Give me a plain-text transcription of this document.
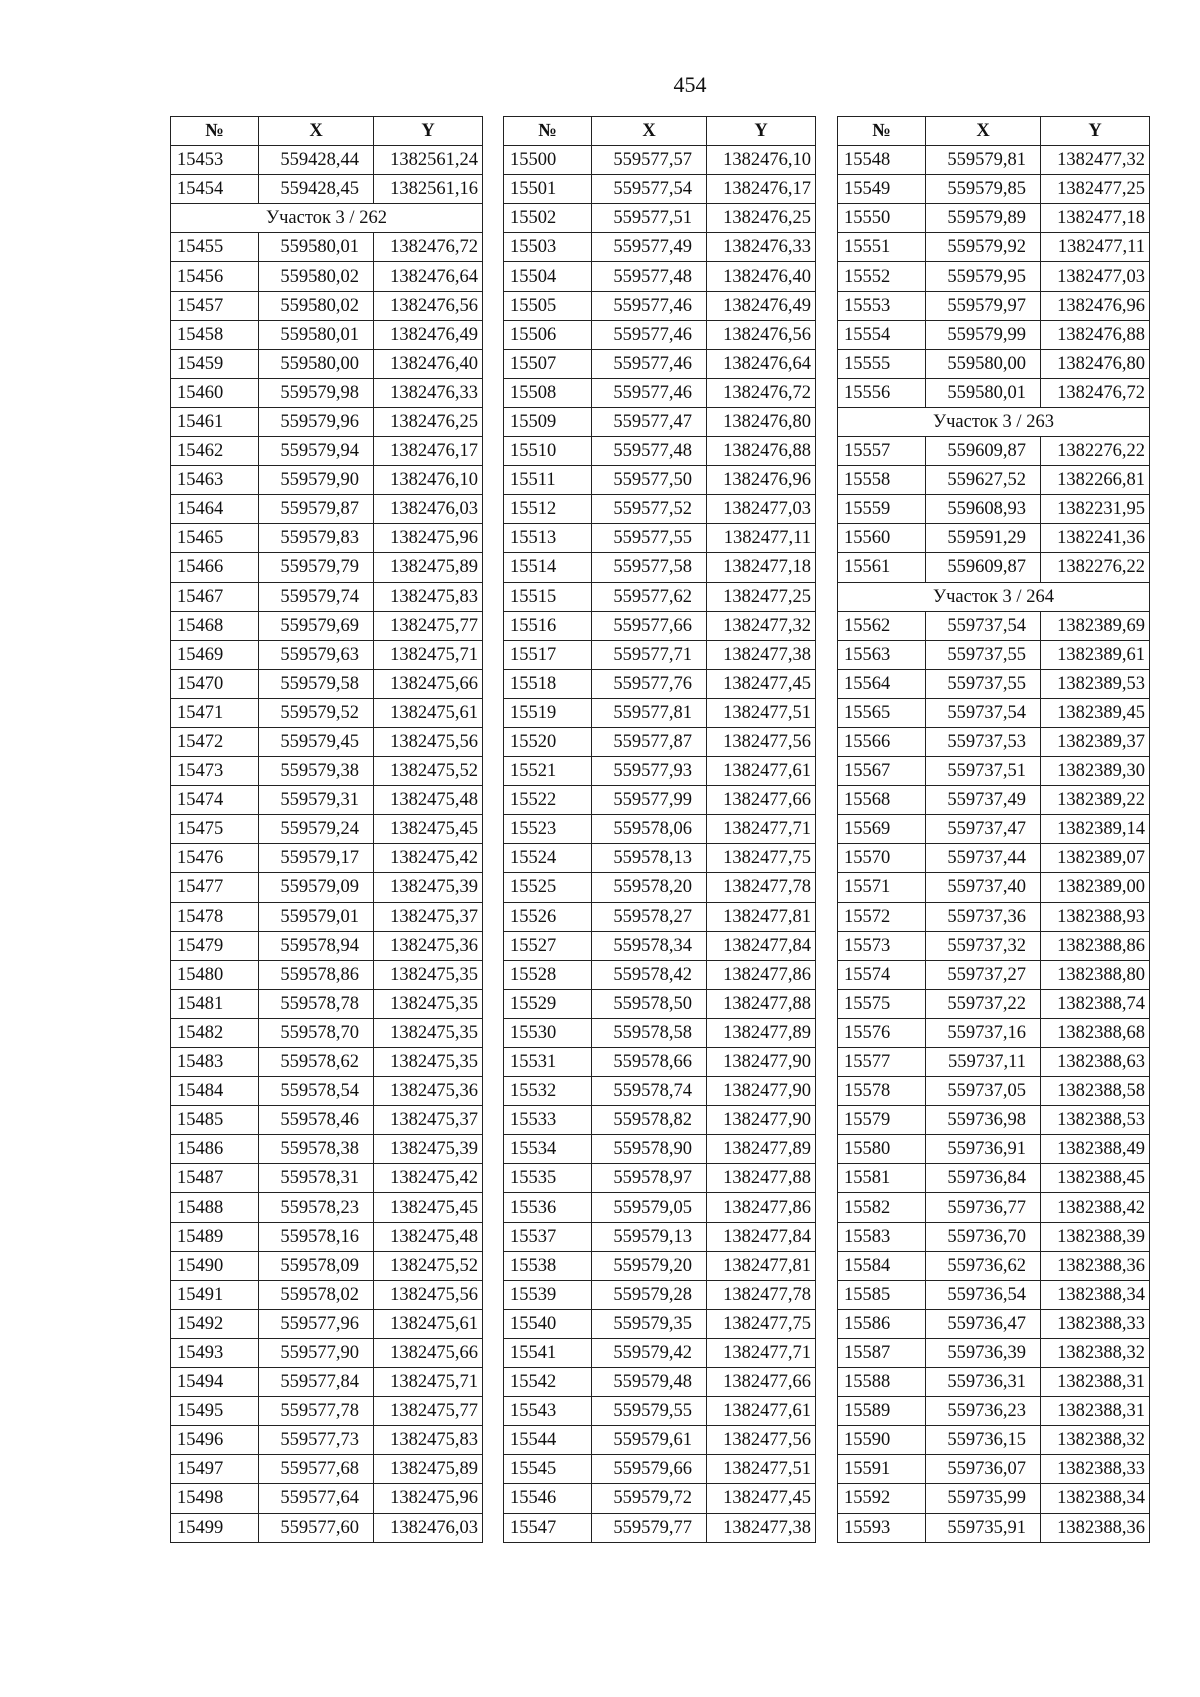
454
№	X	Y
15453	559428,44	1382561,24
15454	559428,45	1382561,16
Участок 3 / 262		
15455	559580,01	1382476,72
15456	559580,02	1382476,64
15457	559580,02	1382476,56
15458	559580,01	1382476,49
15459	559580,00	1382476,40
15460	559579,98	1382476,33
15461	559579,96	1382476,25
15462	559579,94	1382476,17
15463	559579,90	1382476,10
15464	559579,87	1382476,03
15465	559579,83	1382475,96
15466	559579,79	1382475,89
15467	559579,74	1382475,83
15468	559579,69	1382475,77
15469	559579,63	1382475,71
15470	559579,58	1382475,66
15471	559579,52	1382475,61
15472	559579,45	1382475,56
15473	559579,38	1382475,52
15474	559579,31	1382475,48
15475	559579,24	1382475,45
15476	559579,17	1382475,42
15477	559579,09	1382475,39
15478	559579,01	1382475,37
15479	559578,94	1382475,36
15480	559578,86	1382475,35
15481	559578,78	1382475,35
15482	559578,70	1382475,35
15483	559578,62	1382475,35
15484	559578,54	1382475,36
15485	559578,46	1382475,37
15486	559578,38	1382475,39
15487	559578,31	1382475,42
15488	559578,23	1382475,45
15489	559578,16	1382475,48
15490	559578,09	1382475,52
15491	559578,02	1382475,56
15492	559577,96	1382475,61
15493	559577,90	1382475,66
15494	559577,84	1382475,71
15495	559577,78	1382475,77
15496	559577,73	1382475,83
15497	559577,68	1382475,89
15498	559577,64	1382475,96
15499	559577,60	1382476,03
№	X	Y
15500	559577,57	1382476,10
15501	559577,54	1382476,17
15502	559577,51	1382476,25
15503	559577,49	1382476,33
15504	559577,48	1382476,40
15505	559577,46	1382476,49
15506	559577,46	1382476,56
15507	559577,46	1382476,64
15508	559577,46	1382476,72
15509	559577,47	1382476,80
15510	559577,48	1382476,88
15511	559577,50	1382476,96
15512	559577,52	1382477,03
15513	559577,55	1382477,11
15514	559577,58	1382477,18
15515	559577,62	1382477,25
15516	559577,66	1382477,32
15517	559577,71	1382477,38
15518	559577,76	1382477,45
15519	559577,81	1382477,51
15520	559577,87	1382477,56
15521	559577,93	1382477,61
15522	559577,99	1382477,66
15523	559578,06	1382477,71
15524	559578,13	1382477,75
15525	559578,20	1382477,78
15526	559578,27	1382477,81
15527	559578,34	1382477,84
15528	559578,42	1382477,86
15529	559578,50	1382477,88
15530	559578,58	1382477,89
15531	559578,66	1382477,90
15532	559578,74	1382477,90
15533	559578,82	1382477,90
15534	559578,90	1382477,89
15535	559578,97	1382477,88
15536	559579,05	1382477,86
15537	559579,13	1382477,84
15538	559579,20	1382477,81
15539	559579,28	1382477,78
15540	559579,35	1382477,75
15541	559579,42	1382477,71
15542	559579,48	1382477,66
15543	559579,55	1382477,61
15544	559579,61	1382477,56
15545	559579,66	1382477,51
15546	559579,72	1382477,45
15547	559579,77	1382477,38
№	X	Y
15548	559579,81	1382477,32
15549	559579,85	1382477,25
15550	559579,89	1382477,18
15551	559579,92	1382477,11
15552	559579,95	1382477,03
15553	559579,97	1382476,96
15554	559579,99	1382476,88
15555	559580,00	1382476,80
15556	559580,01	1382476,72
Участок 3 / 263		
15557	559609,87	1382276,22
15558	559627,52	1382266,81
15559	559608,93	1382231,95
15560	559591,29	1382241,36
15561	559609,87	1382276,22
Участок 3 / 264		
15562	559737,54	1382389,69
15563	559737,55	1382389,61
15564	559737,55	1382389,53
15565	559737,54	1382389,45
15566	559737,53	1382389,37
15567	559737,51	1382389,30
15568	559737,49	1382389,22
15569	559737,47	1382389,14
15570	559737,44	1382389,07
15571	559737,40	1382389,00
15572	559737,36	1382388,93
15573	559737,32	1382388,86
15574	559737,27	1382388,80
15575	559737,22	1382388,74
15576	559737,16	1382388,68
15577	559737,11	1382388,63
15578	559737,05	1382388,58
15579	559736,98	1382388,53
15580	559736,91	1382388,49
15581	559736,84	1382388,45
15582	559736,77	1382388,42
15583	559736,70	1382388,39
15584	559736,62	1382388,36
15585	559736,54	1382388,34
15586	559736,47	1382388,33
15587	559736,39	1382388,32
15588	559736,31	1382388,31
15589	559736,23	1382388,31
15590	559736,15	1382388,32
15591	559736,07	1382388,33
15592	559735,99	1382388,34
15593	559735,91	1382388,36
